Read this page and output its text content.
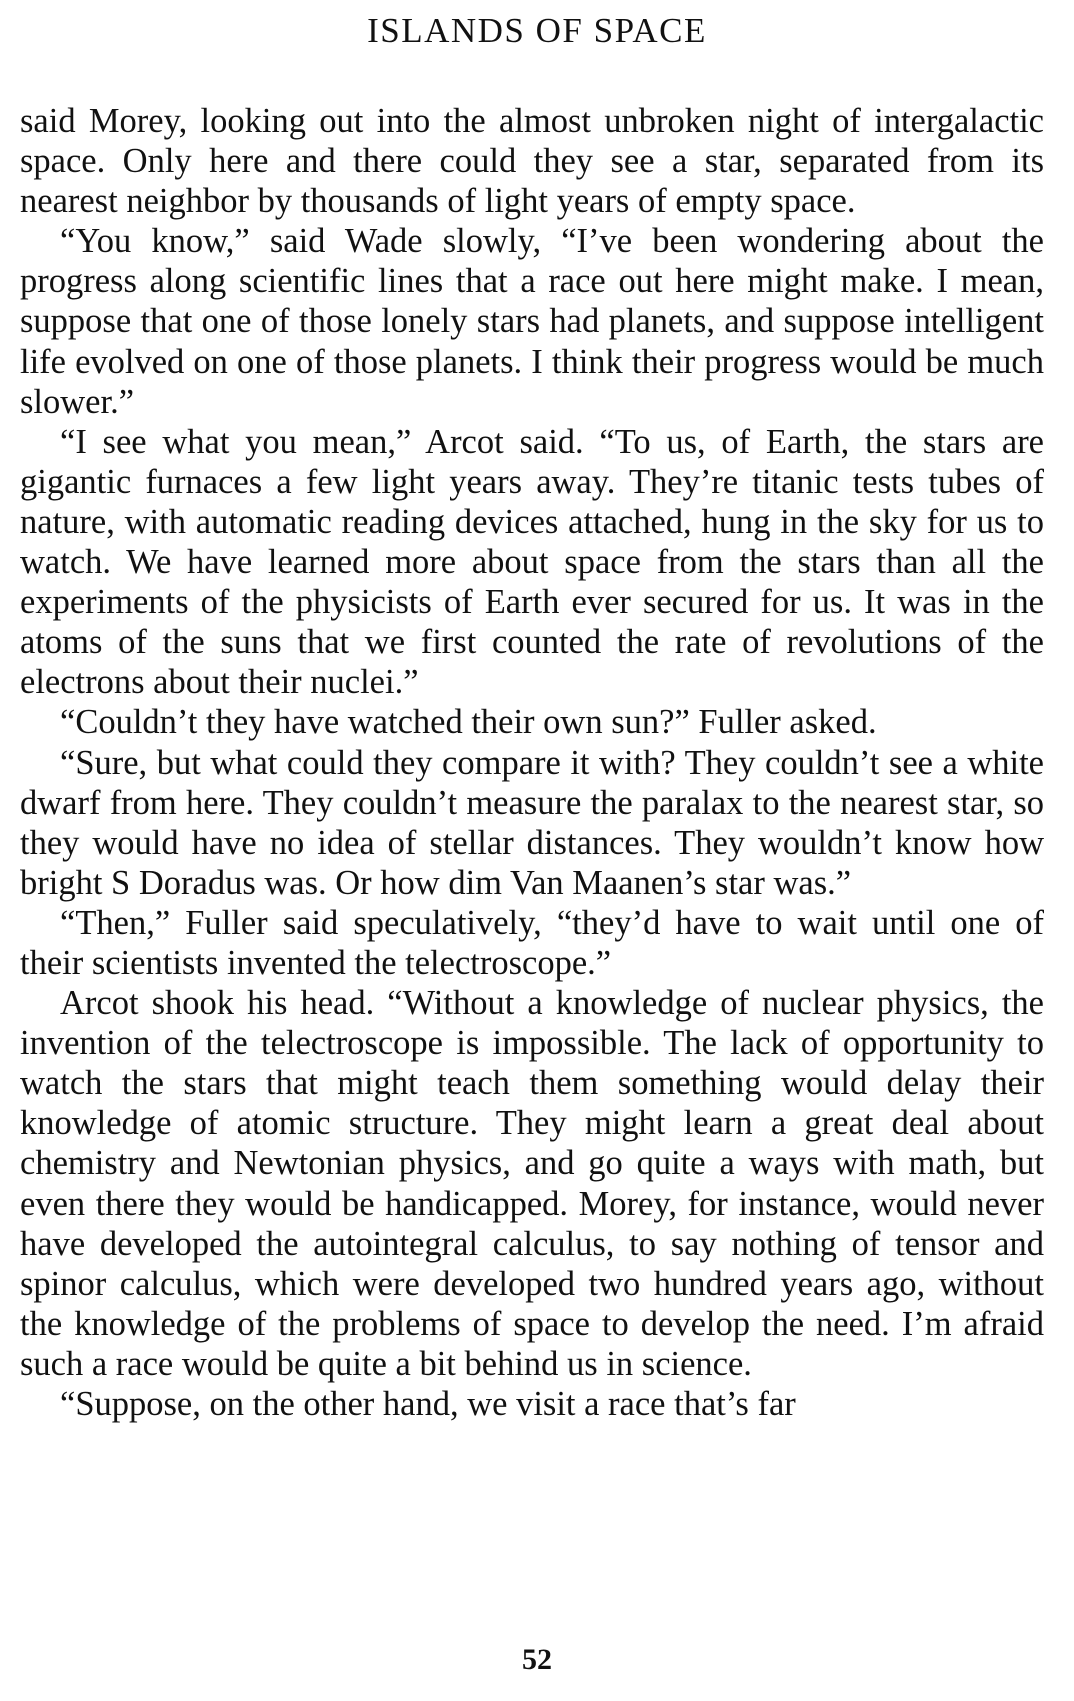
ISLANDS OF SPACE

said Morey, looking out into the almost unbroken night of intergalactic space. Only here and there could they see a star, separated from its nearest neighbor by thousands of light years of empty space.

“You know,” said Wade slowly, “I’ve been wondering about the progress along scientific lines that a race out here might make. I mean, suppose that one of those lonely stars had planets, and suppose intelligent life evolved on one of those planets. I think their progress would be much slower.”

“I see what you mean,” Arcot said. “To us, of Earth, the stars are gigantic furnaces a few light years away. They’re titanic tests tubes of nature, with automatic reading devices attached, hung in the sky for us to watch. We have learned more about space from the stars than all the experiments of the physicists of Earth ever secured for us. It was in the atoms of the suns that we first counted the rate of revolutions of the electrons about their nuclei.”

“Couldn’t they have watched their own sun?” Fuller asked.

“Sure, but what could they compare it with? They couldn’t see a white dwarf from here. They couldn’t measure the paralax to the nearest star, so they would have no idea of stellar distances. They wouldn’t know how bright S Doradus was. Or how dim Van Maanen’s star was.”

“Then,” Fuller said speculatively, “they’d have to wait until one of their scientists invented the telectroscope.”

Arcot shook his head. “Without a knowledge of nuclear physics, the invention of the telectroscope is impossible. The lack of opportunity to watch the stars that might teach them something would delay their knowledge of atomic structure. They might learn a great deal about chemistry and Newtonian physics, and go quite a ways with math, but even there they would be handicapped. Morey, for instance, would never have developed the autointegral calculus, to say nothing of tensor and spinor calculus, which were developed two hundred years ago, without the knowledge of the problems of space to develop the need. I’m afraid such a race would be quite a bit behind us in science.

“Suppose, on the other hand, we visit a race that’s far

52
